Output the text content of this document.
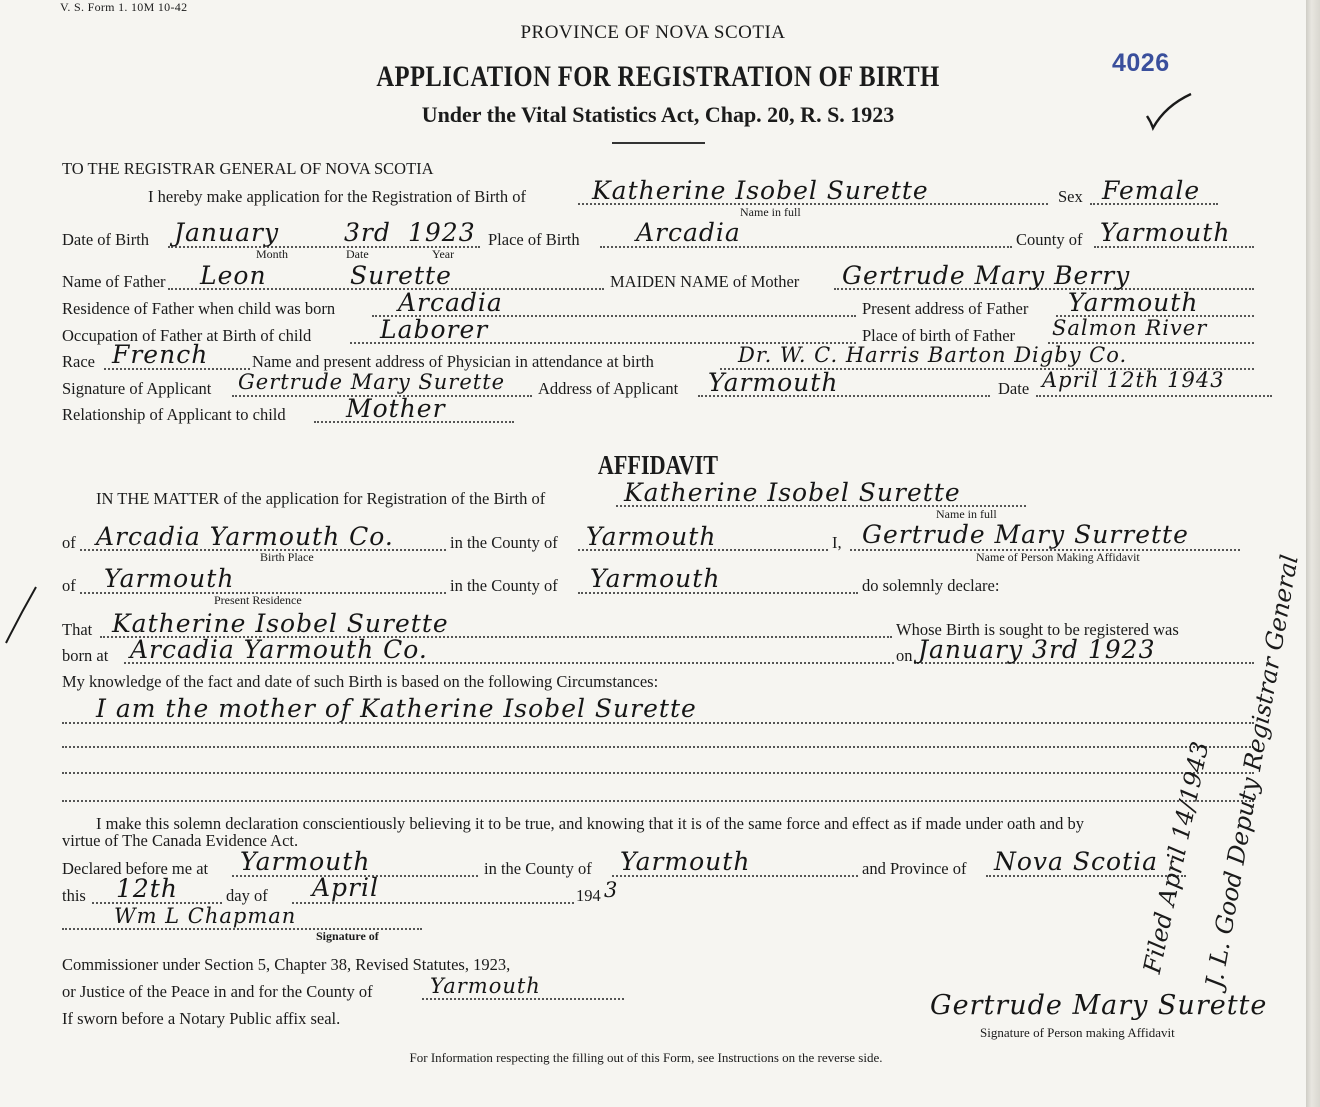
V. S. Form 1. 10M 10-42
PROVINCE OF NOVA SCOTIA
APPLICATION FOR REGISTRATION OF BIRTH
Under the Vital Statistics Act, Chap. 20, R. S. 1923
4026
TO THE REGISTRAR GENERAL OF NOVA SCOTIA
I hereby make application for the Registration of Birth of	Katherine Isobel Surette
Name in full
Sex Female
Date of Birth January	3rd 1923
Month	Date	Year
Place of Birth Arcadia	County of Yarmouth
Name of Father Leon	Surette	MAIDEN NAME of Mother Gertrude Mary Berry
Residence of Father when child was born	Arcadia	Present address of Father Yarmouth
Occupation of Father at Birth of child	Laborer	Place of birth of Father Salmon River
Race French	Name and present address of Physician in attendance at birth	Dr. W. C. Harris Barton Digby Co.
Signature of Applicant Gertrude Mary Surette Address of Applicant Yarmouth	Date April 12th 1943
Relationship of Applicant to child Mother
AFFIDAVIT
IN THE MATTER of the application for Registration of the Birth of	Katherine Isobel Surette
Name in full
of Arcadia Yarmouth Co.
Birth Place
in the County of Yarmouth	I, Gertrude Mary Surrette
Name of Person Making Affidavit
of Yarmouth
Present Residence
in the County of Yarmouth	do solemnly declare:
That Katherine Isobel Surette	Whose Birth is sought to be registered was
born at Arcadia Yarmouth Co.	on January 3rd 1923
My knowledge of the fact and date of such Birth is based on the following Circumstances:
I am the mother of Katherine Isobel Surette
I make this solemn declaration conscientiously believing it to be true, and knowing that it is of the same force and effect as if made under oath and by
virtue of The Canada Evidence Act.
Declared before me at Yarmouth	in the County of Yarmouth	and Province of Nova Scotia
this 12th	day of April	194 3
Wm L Chapman
Signature of
Commissioner under Section 5, Chapter 38, Revised Statutes, 1923,
or Justice of the Peace in and for the County of	Yarmouth
If sworn before a Notary Public affix seal.	Gertrude Mary Surette
Signature of Person making Affidavit
Filed April 14/1943
J. L. Good Deputy Registrar General
For Information respecting the filling out of this Form, see Instructions on the reverse side.
